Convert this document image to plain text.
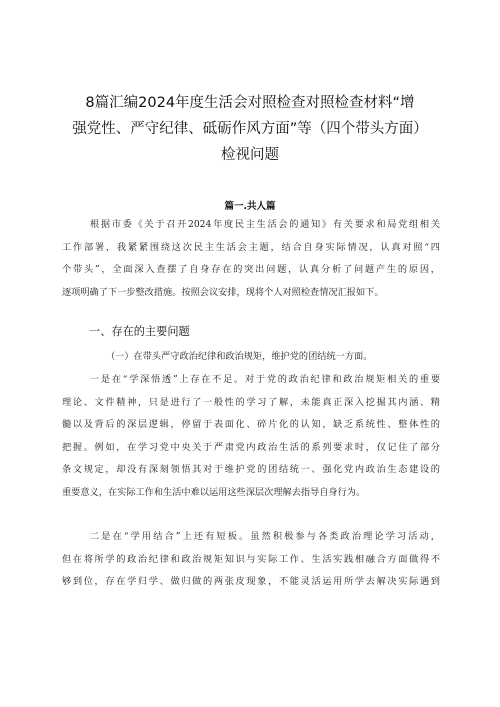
8篇汇编2024年度生活会对照检查对照检查材料“增
强党性、严守纪律、砥砺作风方面”等（四个带头方面）
检视问题
篇一.共人篇
根据市委《关于召开2024年度民主生活会的通知》有关要求和局党组相关
工作部署，我紧紧围绕这次民主生活会主题，结合自身实际情况，认真对照“四
个带头”，全面深入查摆了自身存在的突出问题，认真分析了问题产生的原因，
逐项明确了下一步整改措施。按照会议安排，现将个人对照检查情况汇报如下。
一、存在的主要问题
（一）在带头严守政治纪律和政治规矩，维护党的团结统一方面。
一是在“学深悟透”上存在不足。对于党的政治纪律和政治规矩相关的重要
理论、文件精神，只是进行了一般性的学习了解，未能真正深入挖掘其内涵、精
髓以及背后的深层逻辑，停留于表面化、碎片化的认知，缺乏系统性、整体性的
把握。例如，在学习党中央关于严肃党内政治生活的系列要求时，仅记住了部分
条文规定，却没有深刻领悟其对于维护党的团结统一、强化党内政治生态建设的
重要意义，在实际工作和生活中难以运用这些深层次理解去指导自身行为。
二是在“学用结合”上还有短板。虽然积极参与各类政治理论学习活动，
但在将所学的政治纪律和政治规矩知识与实际工作、生活实践相融合方面做得不
够到位，存在学归学、做归做的两张皮现象，不能灵活运用所学去解决实际遇到
